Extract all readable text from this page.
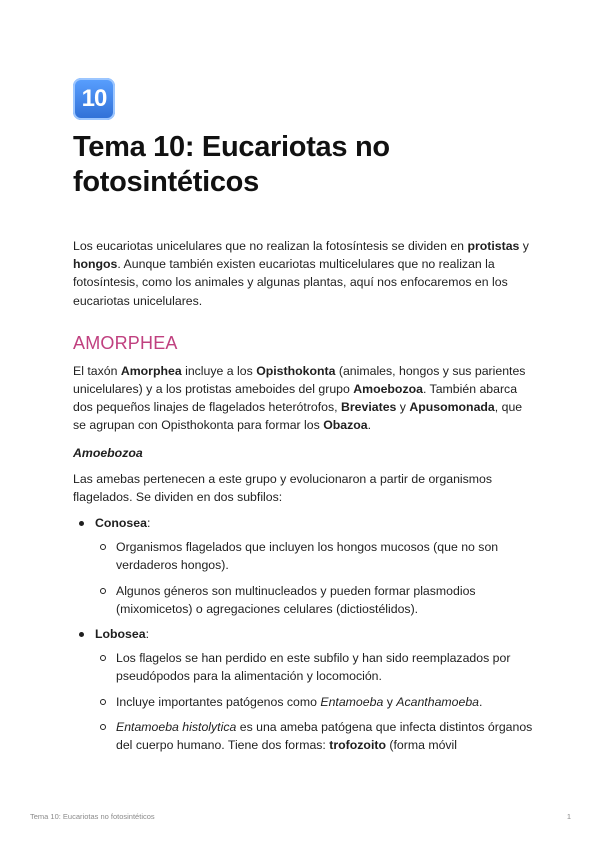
10
Tema 10: Eucariotas no fotosintéticos

Los eucariotas unicelulares que no realizan la fotosíntesis se dividen en protistas y hongos. Aunque también existen eucariotas multicelulares que no realizan la fotosíntesis, como los animales y algunas plantas, aquí nos enfocaremos en los eucariotas unicelulares.

AMORPHEA

El taxón Amorphea incluye a los Opisthokonta (animales, hongos y sus parientes unicelulares) y a los protistas ameboides del grupo Amoebozoa. También abarca dos pequeños linajes de flagelados heterótrofos, Breviates y Apusomonada, que se agrupan con Opisthokonta para formar los Obazoa.

Amoebozoa

Las amebas pertenecen a este grupo y evolucionaron a partir de organismos flagelados. Se dividen en dos subfilos:

Conosea:
Organismos flagelados que incluyen los hongos mucosos (que no son verdaderos hongos).
Algunos géneros son multinucleados y pueden formar plasmodios (mixomicetos) o agregaciones celulares (dictiostélidos).
Lobosea:
Los flagelos se han perdido en este subfilo y han sido reemplazados por pseudópodos para la alimentación y locomoción.
Incluye importantes patógenos como Entamoeba y Acanthamoeba.
Entamoeba histolytica es una ameba patógena que infecta distintos órganos del cuerpo humano. Tiene dos formas: trofozoito (forma móvil
Tema 10: Eucariotas no fotosintéticos	1
